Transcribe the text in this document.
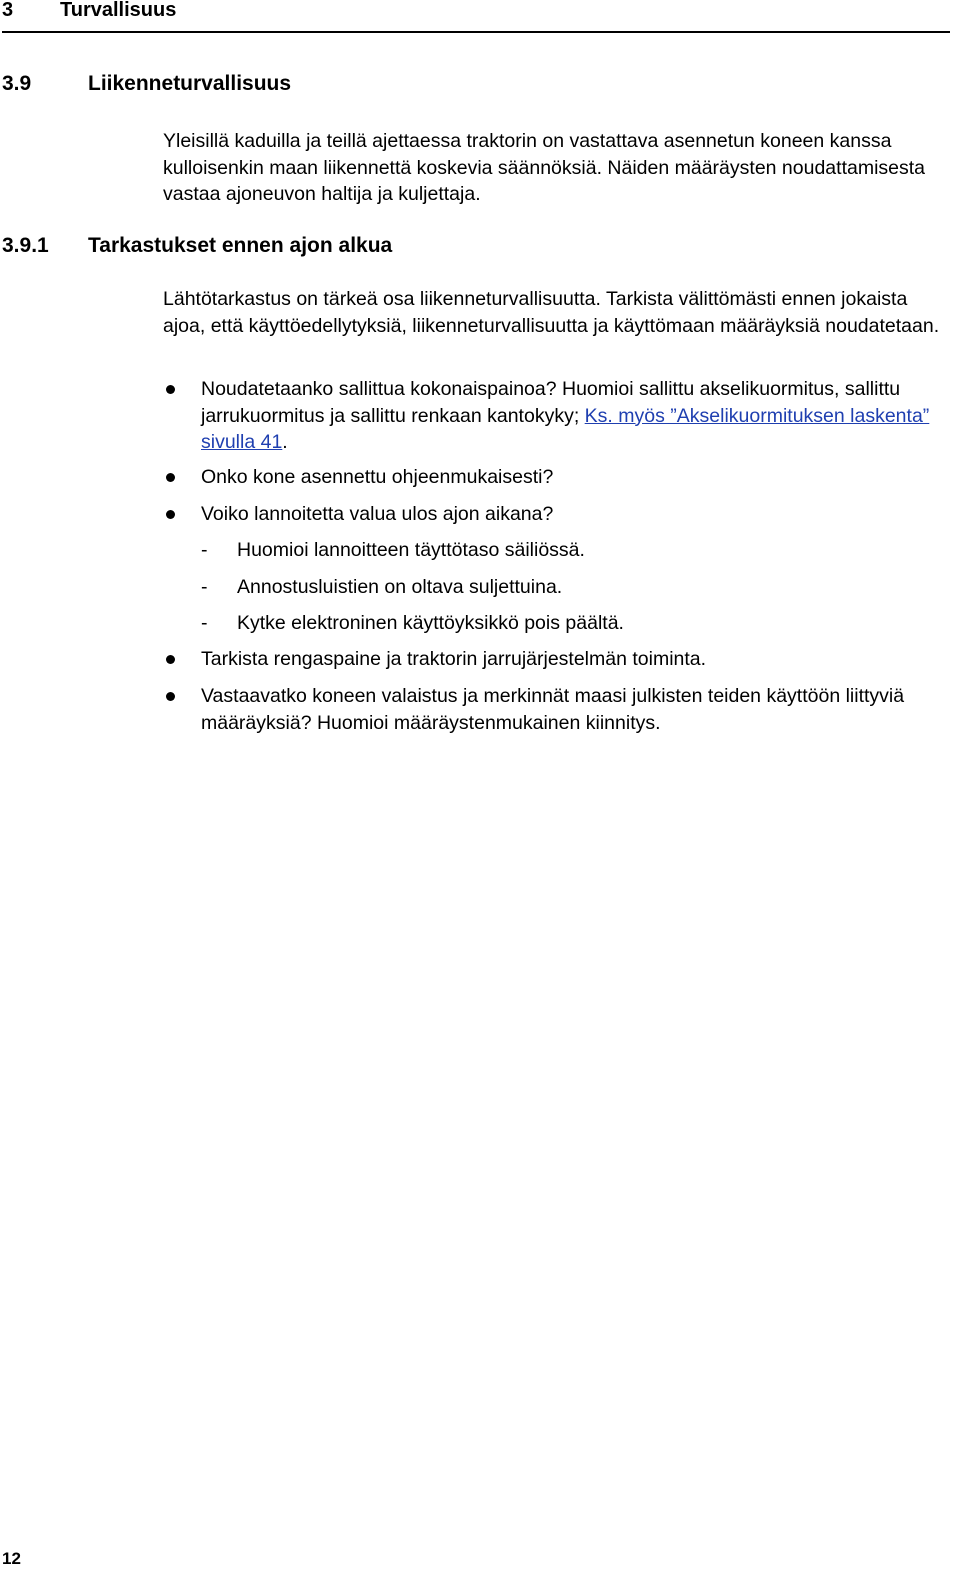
3 Turvallisuus
3.9	Liikenneturvallisuus
Yleisillä kaduilla ja teillä ajettaessa traktorin on vastattava asennetun koneen kanssa kulloisenkin maan liikennettä koskevia säännöksiä. Näiden määräysten noudattamisesta vastaa ajoneuvon haltija ja kuljettaja.
3.9.1 Tarkastukset ennen ajon alkua
Lähtötarkastus on tärkeä osa liikenneturvallisuutta. Tarkista välittömästi ennen jokaista ajoa, että käyttöedellytyksiä, liikenneturvallisuutta ja käyttömaan määräyksiä noudatetaan.
Noudatetaanko sallittua kokonaispainoa? Huomioi sallittu akselikuormitus, sallittu jarrukuormitus ja sallittu renkaan kantokyky; Ks. myös ”Akselikuormituksen laskenta” sivulla 41.
Onko kone asennettu ohjeenmukaisesti?
Voiko lannoitetta valua ulos ajon aikana?
- Huomioi lannoitteen täyttötaso säiliössä.
- Annostusluistien on oltava suljettuina.
- Kytke elektroninen käyttöyksikkö pois päältä.
Tarkista rengaspaine ja traktorin jarrujärjestelmän toiminta.
Vastaavatko koneen valaistus ja merkinnät maasi julkisten teiden käyttöön liittyviä määräyksiä? Huomioi määräystenmukainen kiinnitys.
12
